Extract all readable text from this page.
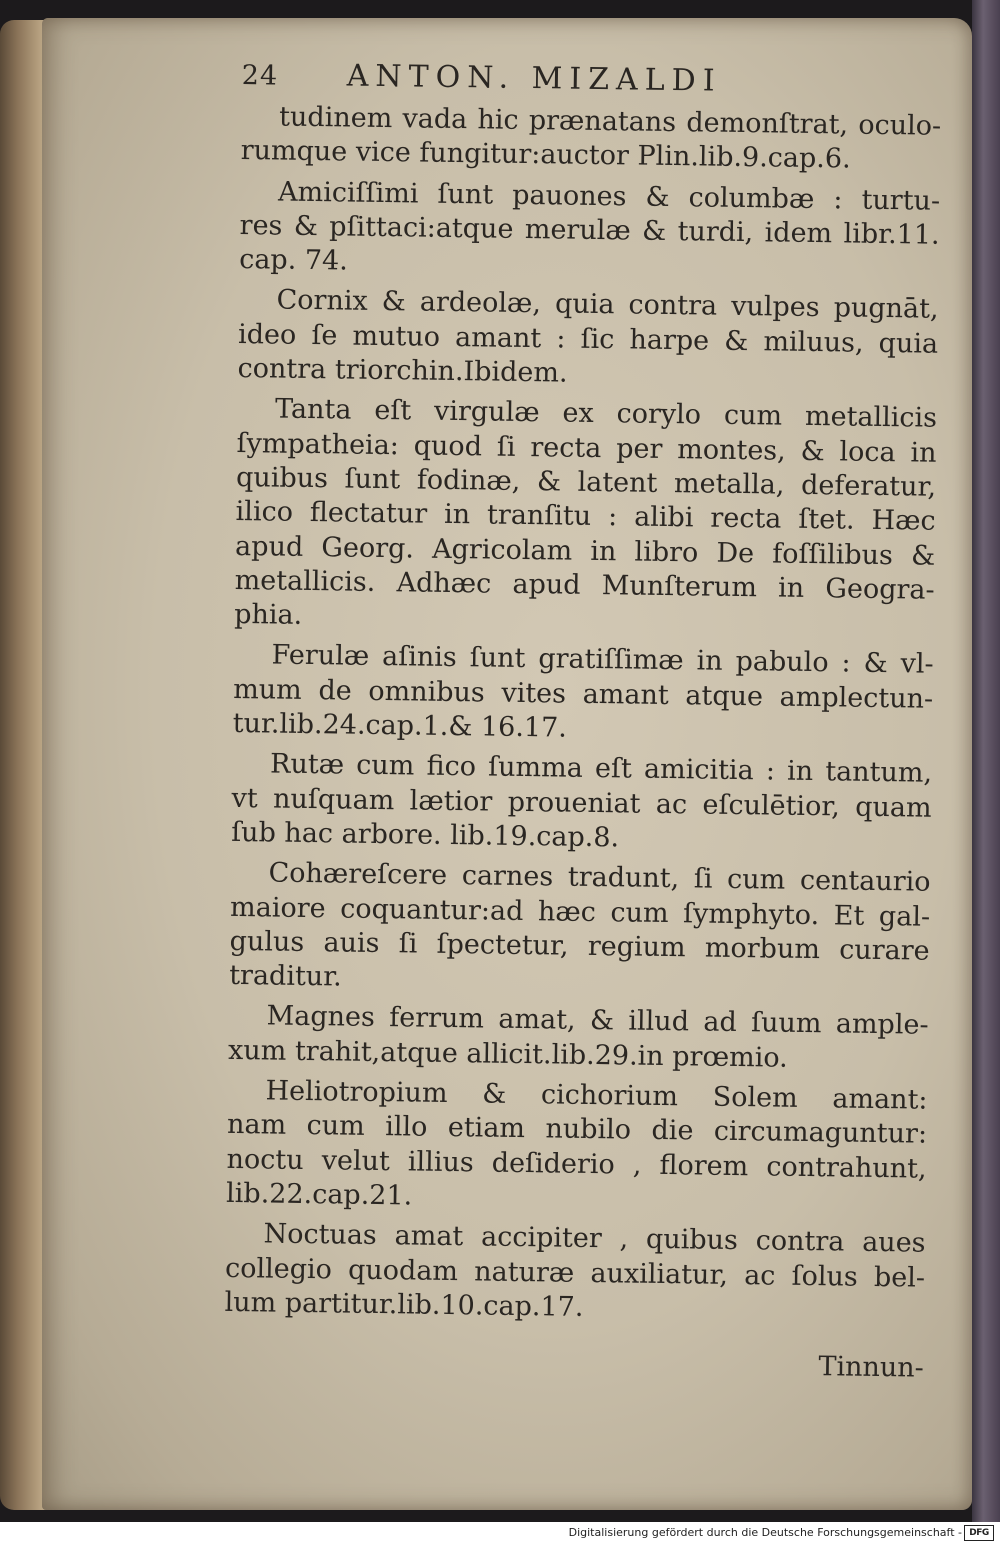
24	ANTON. MIZALDI
tudinem vada hic prænatans demonſtrat, oculo-
rumque vice fungitur:auctor Plin.lib.9.cap.6.
Amiciſſimi ſunt pauones & columbæ : turtu-
res & pſittaci:atque merulæ & turdi, idem libr.11.
cap. 74.
Cornix & ardeolæ, quia contra vulpes pugnāt,
ideo ſe mutuo amant : ſic harpe & miluus, quia
contra triorchin.Ibidem.
Tanta eſt virgulæ ex corylo cum metallicis
ſympatheia: quod ſi recta per montes, & loca in
quibus ſunt fodinæ, & latent metalla, deferatur,
ilico flectatur in tranſitu : alibi recta ſtet. Hæc
apud Georg. Agricolam in libro De foſſilibus &
metallicis. Adhæc apud Munſterum in Geogra-
phia.
Ferulæ aſinis ſunt gratiſſimæ in pabulo : & vl-
mum de omnibus vites amant atque amplectun-
tur.lib.24.cap.1.& 16.17.
Rutæ cum fico ſumma eſt amicitia : in tantum,
vt nuſquam lætior proueniat ac eſculētior, quam
ſub hac arbore. lib.19.cap.8.
Cohæreſcere carnes tradunt, ſi cum centaurio
maiore coquantur:ad hæc cum ſymphyto. Et gal-
gulus auis ſi ſpectetur, regium morbum curare
traditur.
Magnes ferrum amat, & illud ad ſuum ample-
xum trahit,atque allicit.lib.29.in prœmio.
Heliotropium & cichorium Solem amant:
nam cum illo etiam nubilo die circumaguntur:
noctu velut illius deſiderio , florem contrahunt,
lib.22.cap.21.
Noctuas amat accipiter , quibus contra aues
collegio quodam naturæ auxiliatur, ac ſolus bel-
lum partitur.lib.10.cap.17.
Tinnun-
Digitalisierung gefördert durch die Deutsche Forschungsgemeinschaft - DFG
